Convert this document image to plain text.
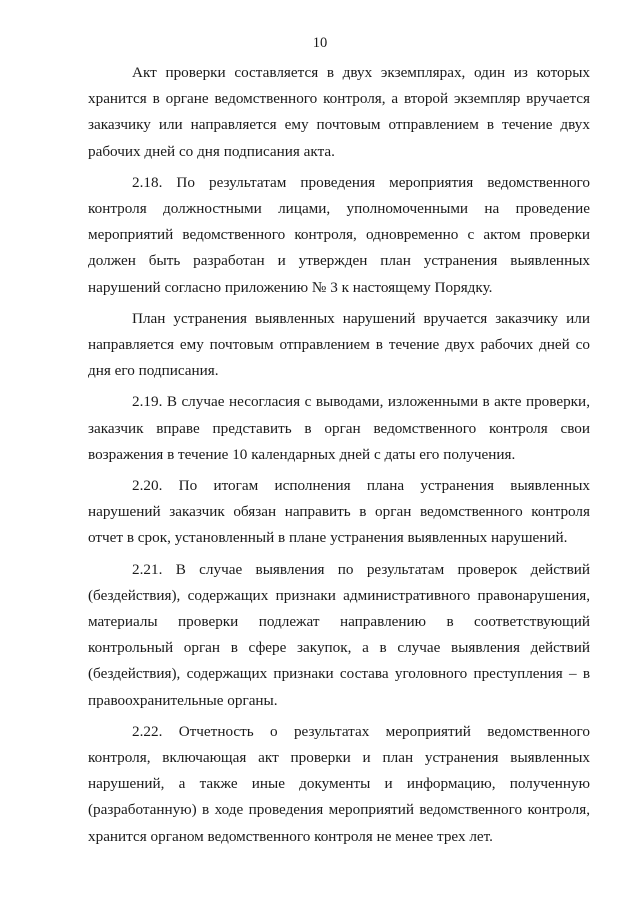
10

Акт проверки составляется в двух экземплярах, один из которых хранится в органе ведомственного контроля, а второй экземпляр вручается заказчику или направляется ему почтовым отправлением в течение двух рабочих дней со дня подписания акта.

2.18. По результатам проведения мероприятия ведомственного контроля должностными лицами, уполномоченными на проведение мероприятий ведомственного контроля, одновременно с актом проверки должен быть разработан и утвержден план устранения выявленных нарушений согласно приложению № 3 к настоящему Порядку.

План устранения выявленных нарушений вручается заказчику или направляется ему почтовым отправлением в течение двух рабочих дней со дня его подписания.

2.19. В случае несогласия с выводами, изложенными в акте проверки, заказчик вправе представить в орган ведомственного контроля свои возражения в течение 10 календарных дней с даты его получения.

2.20. По итогам исполнения плана устранения выявленных нарушений заказчик обязан направить в орган ведомственного контроля отчет в срок, установленный в плане устранения выявленных нарушений.

2.21. В случае выявления по результатам проверок действий (бездействия), содержащих признаки административного правонарушения, материалы проверки подлежат направлению в соответствующий контрольный орган в сфере закупок, а в случае выявления действий (бездействия), содержащих признаки состава уголовного преступления – в правоохранительные органы.

2.22. Отчетность о результатах мероприятий ведомственного контроля, включающая акт проверки и план устранения выявленных нарушений, а также иные документы и информацию, полученную (разработанную) в ходе проведения мероприятий ведомственного контроля, хранится органом ведомственного контроля не менее трех лет.
